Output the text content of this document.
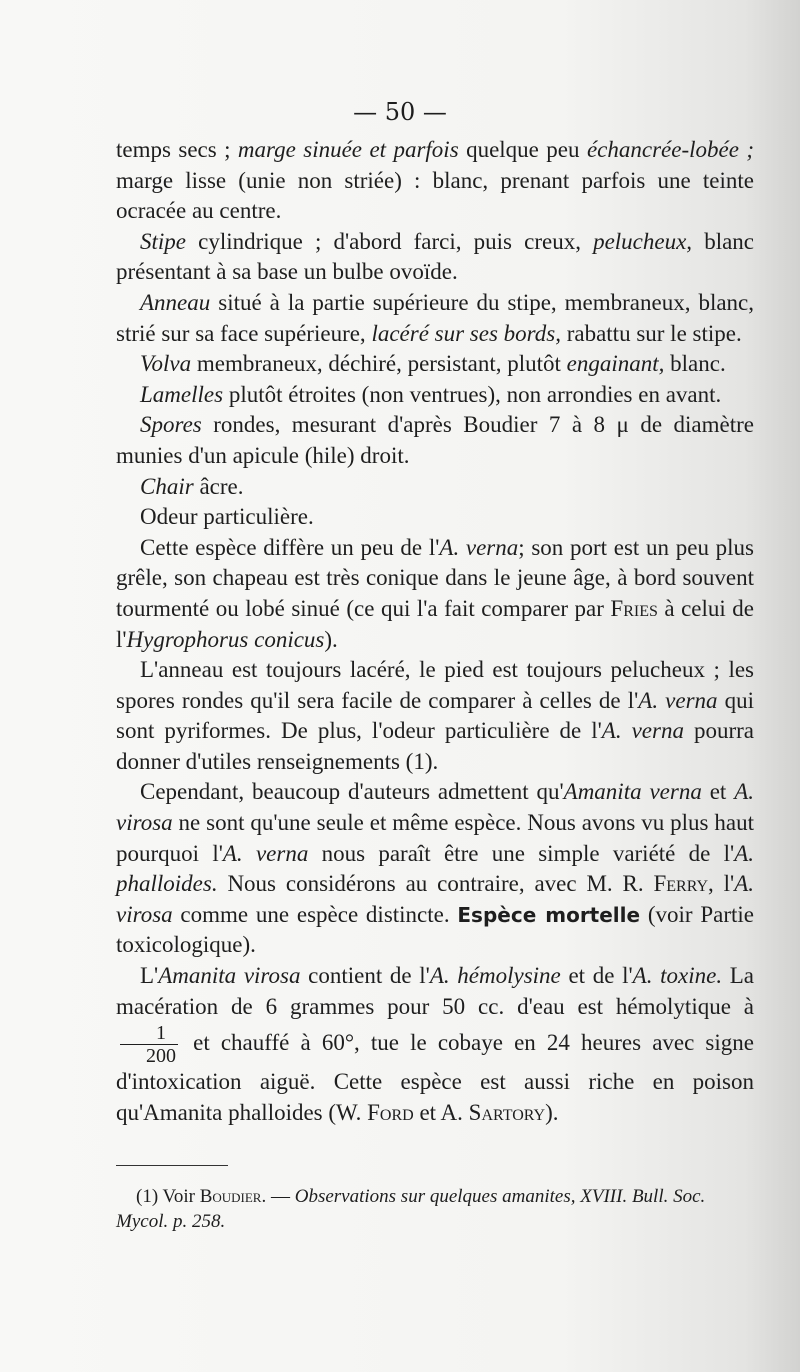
— 50 —

temps secs ; marge sinuée et parfois quelque peu échancrée-lobée ; marge lisse (unie non striée) : blanc, prenant parfois une teinte ocracée au centre.

Stipe cylindrique ; d'abord farci, puis creux, pelucheux, blanc présentant à sa base un bulbe ovoïde.

Anneau situé à la partie supérieure du stipe, membraneux, blanc, strié sur sa face supérieure, lacéré sur ses bords, rabattu sur le stipe.

Volva membraneux, déchiré, persistant, plutôt engainant, blanc.

Lamelles plutôt étroites (non ventrues), non arrondies en avant.

Spores rondes, mesurant d'après Boudier 7 à 8 μ de diamètre munies d'un apicule (hile) droit.

Chair âcre.

Odeur particulière.

Cette espèce diffère un peu de l'A. verna; son port est un peu plus grêle, son chapeau est très conique dans le jeune âge, à bord souvent tourmenté ou lobé sinué (ce qui l'a fait comparer par Fries à celui de l'Hygrophorus conicus).

L'anneau est toujours lacéré, le pied est toujours pelucheux ; les spores rondes qu'il sera facile de comparer à celles de l'A. verna qui sont pyriformes. De plus, l'odeur particulière de l'A. verna pourra donner d'utiles renseignements (1).

Cependant, beaucoup d'auteurs admettent qu'Amanita verna et A. virosa ne sont qu'une seule et même espèce. Nous avons vu plus haut pourquoi l'A. verna nous paraît être une simple variété de l'A. phalloides. Nous considérons au contraire, avec M. R. Ferry, l'A. virosa comme une espèce distincte. Espèce mortelle (voir Partie toxicologique).

L'Amanita virosa contient de l'A. hémolysine et de l'A. toxine. La macération de 6 grammes pour 50 cc. d'eau est hémolytique à
$\frac{1}{200}$ et chauffé à 60°, tue le cobaye en 24 heures avec signe d'intoxication aiguë. Cette espèce est aussi riche en poison qu'Amanita phalloides (W. Ford et A. Sartory).

(1) Voir Boudier. — Observations sur quelques amanites, XVIII. Bull. Soc. Mycol. p. 258.
